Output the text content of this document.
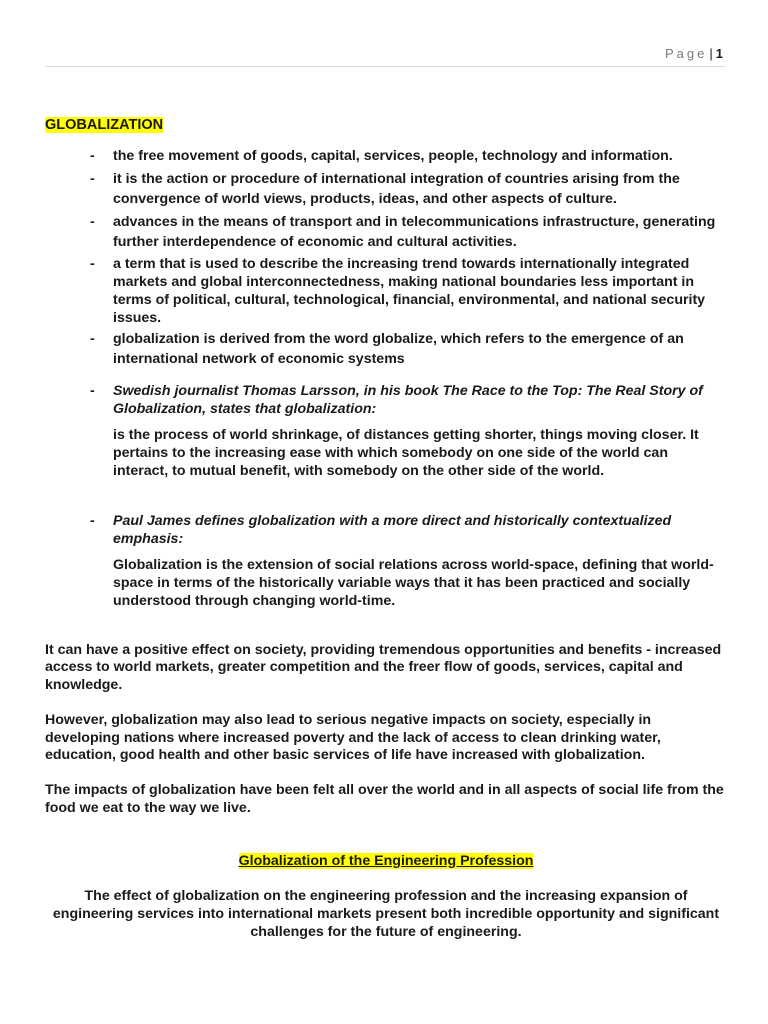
Page | 1
GLOBALIZATION
- the free movement of goods, capital, services, people, technology and information.
- it is the action or procedure of international integration of countries arising from the convergence of world views, products, ideas, and other aspects of culture.
- advances in the means of transport and in telecommunications infrastructure, generating further interdependence of economic and cultural activities.
- a term that is used to describe the increasing trend towards internationally integrated markets and global interconnectedness, making national boundaries less important in terms of political, cultural, technological, financial, environmental, and national security issues.
- globalization is derived from the word globalize, which refers to the emergence of an international network of economic systems
- Swedish journalist Thomas Larsson, in his book The Race to the Top: The Real Story of Globalization, states that globalization:
is the process of world shrinkage, of distances getting shorter, things moving closer. It pertains to the increasing ease with which somebody on one side of the world can interact, to mutual benefit, with somebody on the other side of the world.
- Paul James defines globalization with a more direct and historically contextualized emphasis:
Globalization is the extension of social relations across world-space, defining that world-space in terms of the historically variable ways that it has been practiced and socially understood through changing world-time.

It can have a positive effect on society, providing tremendous opportunities and benefits - increased access to world markets, greater competition and the freer flow of goods, services, capital and knowledge.

However, globalization may also lead to serious negative impacts on society, especially in developing nations where increased poverty and the lack of access to clean drinking water, education, good health and other basic services of life have increased with globalization.

The impacts of globalization have been felt all over the world and in all aspects of social life from the food we eat to the way we live.

Globalization of the Engineering Profession

The effect of globalization on the engineering profession and the increasing expansion of engineering services into international markets present both incredible opportunity and significant challenges for the future of engineering.
